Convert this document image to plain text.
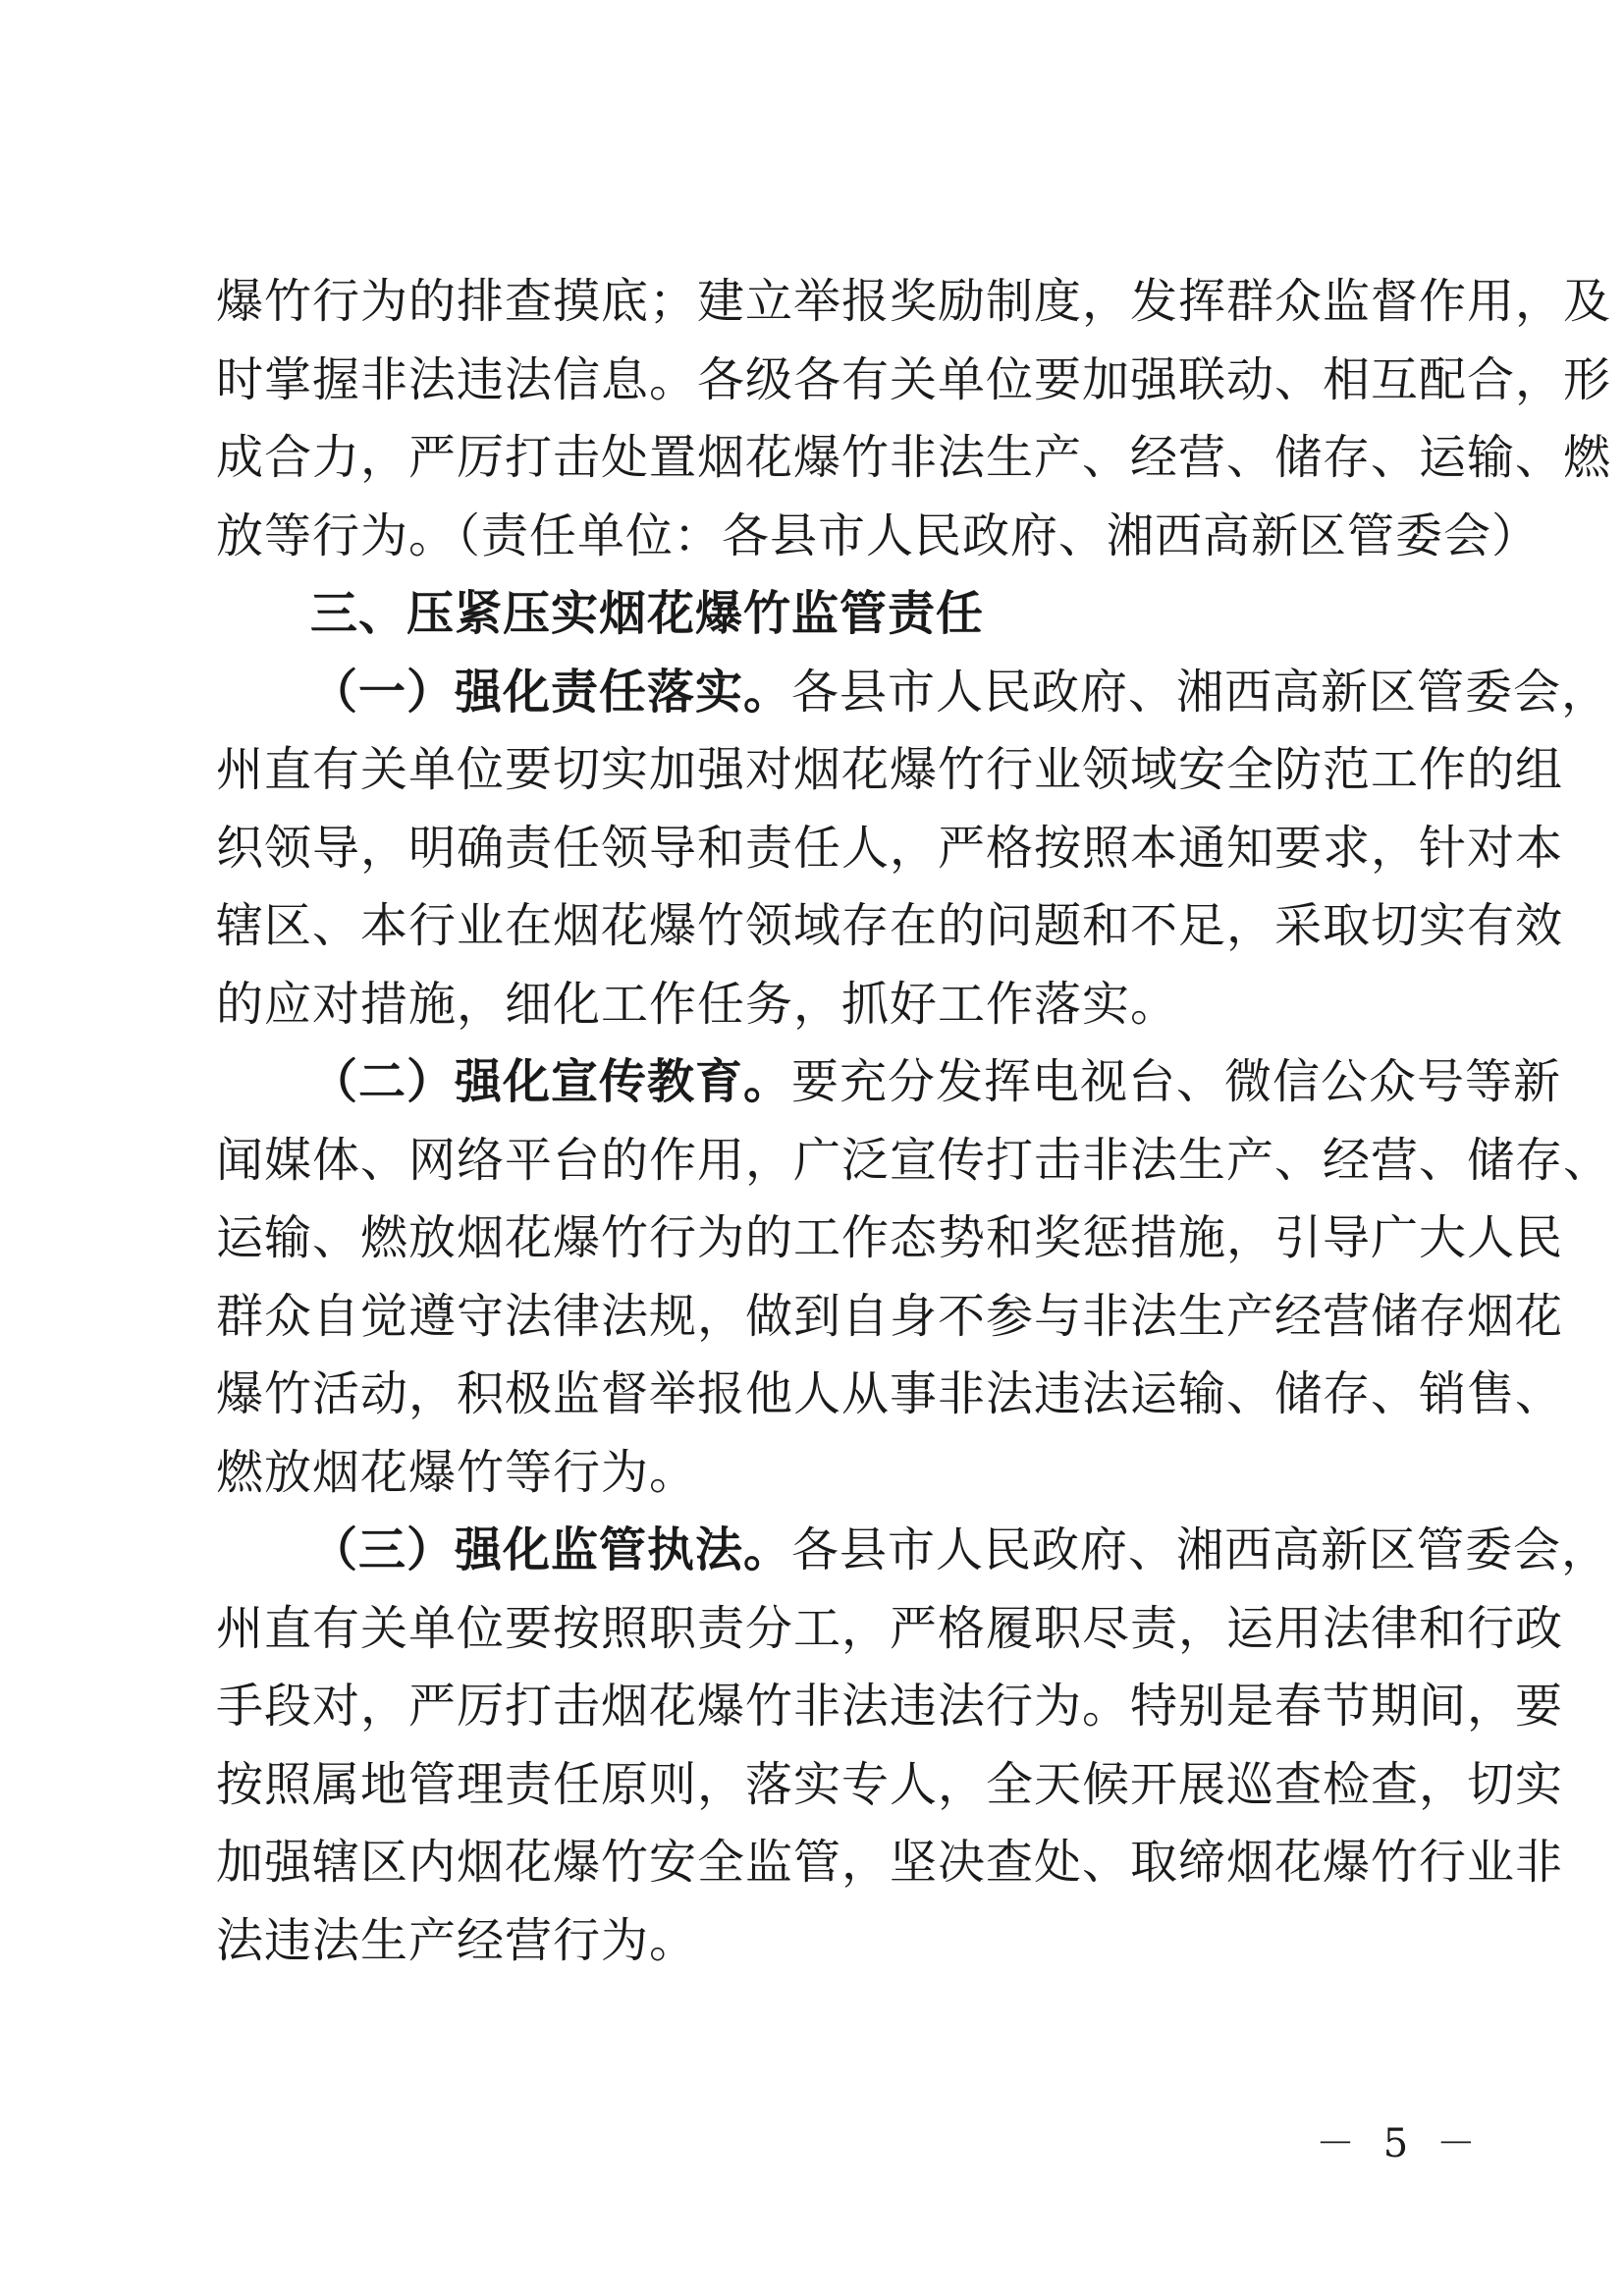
爆竹行为的排查摸底；建立举报奖励制度，发挥群众监督作用，及
时掌握非法违法信息。各级各有关单位要加强联动、相互配合，形
成合力，严厉打击处置烟花爆竹非法生产、经营、储存、运输、燃
放等行为。（责任单位：各县市人民政府、湘西高新区管委会）
三、压紧压实烟花爆竹监管责任
（一）强化责任落实。各县市人民政府、湘西高新区管委会，
州直有关单位要切实加强对烟花爆竹行业领域安全防范工作的组
织领导，明确责任领导和责任人，严格按照本通知要求，针对本
辖区、本行业在烟花爆竹领域存在的问题和不足，采取切实有效
的应对措施，细化工作任务，抓好工作落实。
（二）强化宣传教育。要充分发挥电视台、微信公众号等新
闻媒体、网络平台的作用，广泛宣传打击非法生产、经营、储存、
运输、燃放烟花爆竹行为的工作态势和奖惩措施，引导广大人民
群众自觉遵守法律法规，做到自身不参与非法生产经营储存烟花
爆竹活动，积极监督举报他人从事非法违法运输、储存、销售、
燃放烟花爆竹等行为。
（三）强化监管执法。各县市人民政府、湘西高新区管委会，
州直有关单位要按照职责分工，严格履职尽责，运用法律和行政
手段对，严厉打击烟花爆竹非法违法行为。特别是春节期间，要
按照属地管理责任原则，落实专人，全天候开展巡查检查，切实
加强辖区内烟花爆竹安全监管，坚决查处、取缔烟花爆竹行业非
法违法生产经营行为。
－ 5 －
